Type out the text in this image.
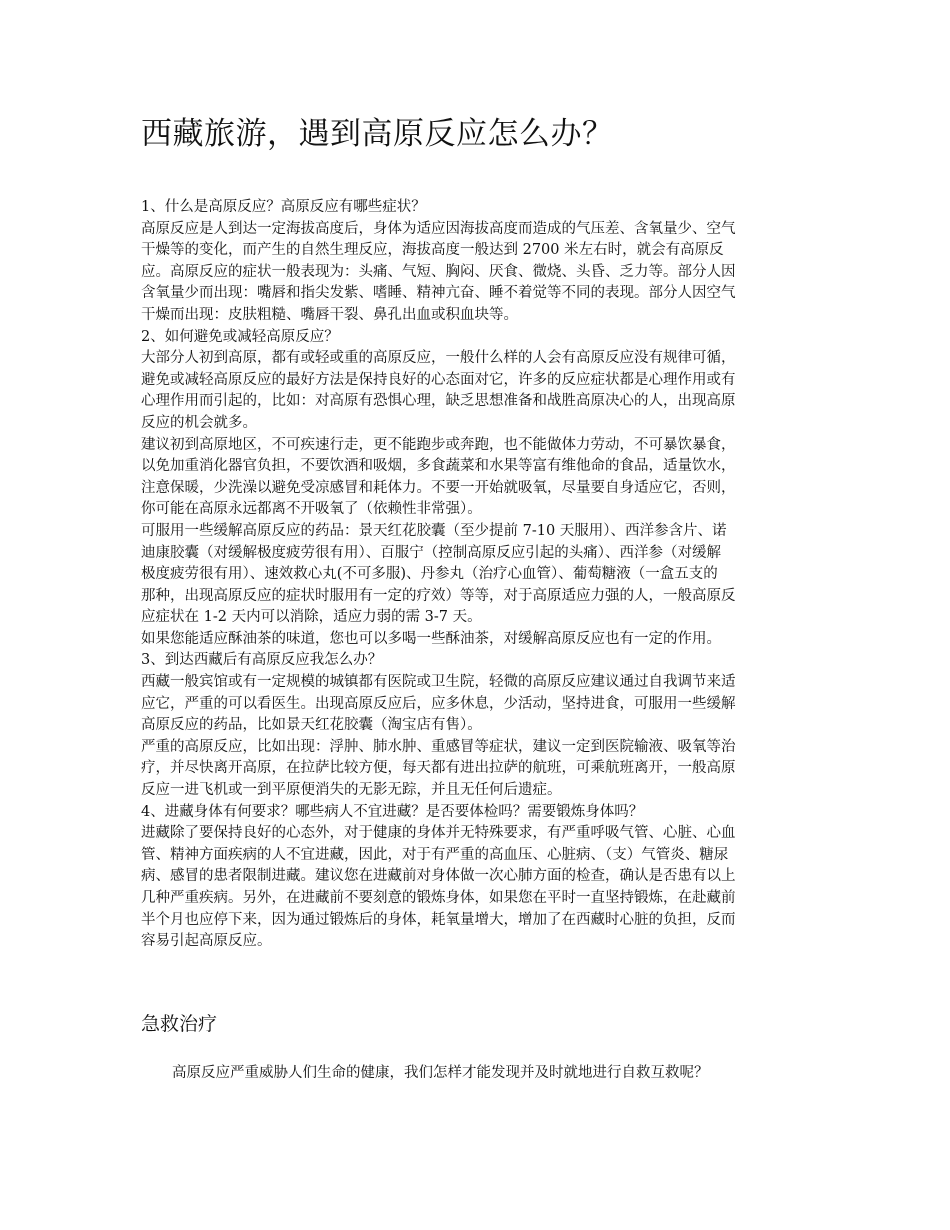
西藏旅游，遇到高原反应怎么办？
1、什么是高原反应？高原反应有哪些症状？
高原反应是人到达一定海拔高度后，身体为适应因海拔高度而造成的气压差、含氧量少、空气
干燥等的变化，而产生的自然生理反应，海拔高度一般达到 2700 米左右时，就会有高原反
应。高原反应的症状一般表现为：头痛、气短、胸闷、厌食、微烧、头昏、乏力等。部分人因
含氧量少而出现：嘴唇和指尖发紫、嗜睡、精神亢奋、睡不着觉等不同的表现。部分人因空气
干燥而出现：皮肤粗糙、嘴唇干裂、鼻孔出血或积血块等。
2、如何避免或减轻高原反应？
大部分人初到高原，都有或轻或重的高原反应，一般什么样的人会有高原反应没有规律可循，
避免或减轻高原反应的最好方法是保持良好的心态面对它，许多的反应症状都是心理作用或有
心理作用而引起的，比如：对高原有恐惧心理，缺乏思想准备和战胜高原决心的人，出现高原
反应的机会就多。
建议初到高原地区，不可疾速行走，更不能跑步或奔跑，也不能做体力劳动，不可暴饮暴食，
以免加重消化器官负担，不要饮酒和吸烟，多食蔬菜和水果等富有维他命的食品，适量饮水，
注意保暖，少洗澡以避免受凉感冒和耗体力。不要一开始就吸氧，尽量要自身适应它，否则，
你可能在高原永远都离不开吸氧了（依赖性非常强）。
可服用一些缓解高原反应的药品：景天红花胶囊（至少提前 7-10 天服用）、西洋参含片、诺
迪康胶囊（对缓解极度疲劳很有用）、百服宁（控制高原反应引起的头痛）、西洋参（对缓解
极度疲劳很有用）、速效救心丸(不可多服)、丹参丸（治疗心血管）、葡萄糖液（一盒五支的
那种，出现高原反应的症状时服用有一定的疗效）等等，对于高原适应力强的人，一般高原反
应症状在 1-2 天内可以消除，适应力弱的需 3-7 天。
如果您能适应酥油茶的味道，您也可以多喝一些酥油茶，对缓解高原反应也有一定的作用。
3、到达西藏后有高原反应我怎么办？
西藏一般宾馆或有一定规模的城镇都有医院或卫生院，轻微的高原反应建议通过自我调节来适
应它，严重的可以看医生。出现高原反应后，应多休息，少活动，坚持进食，可服用一些缓解
高原反应的药品，比如景天红花胶囊（淘宝店有售）。
严重的高原反应，比如出现：浮肿、肺水肿、重感冒等症状，建议一定到医院输液、吸氧等治
疗，并尽快离开高原，在拉萨比较方便，每天都有进出拉萨的航班，可乘航班离开，一般高原
反应一进飞机或一到平原便消失的无影无踪，并且无任何后遗症。
4、进藏身体有何要求？哪些病人不宜进藏？是否要体检吗？需要锻炼身体吗？
进藏除了要保持良好的心态外，对于健康的身体并无特殊要求，有严重呼吸气管、心脏、心血
管、精神方面疾病的人不宜进藏，因此，对于有严重的高血压、心脏病、（支）气管炎、糖尿
病、感冒的患者限制进藏。建议您在进藏前对身体做一次心肺方面的检查，确认是否患有以上
几种严重疾病。另外，在进藏前不要刻意的锻炼身体，如果您在平时一直坚持锻炼，在赴藏前
半个月也应停下来，因为通过锻炼后的身体，耗氧量增大，增加了在西藏时心脏的负担，反而
容易引起高原反应。
急救治疗
高原反应严重威胁人们生命的健康，我们怎样才能发现并及时就地进行自救互救呢？
